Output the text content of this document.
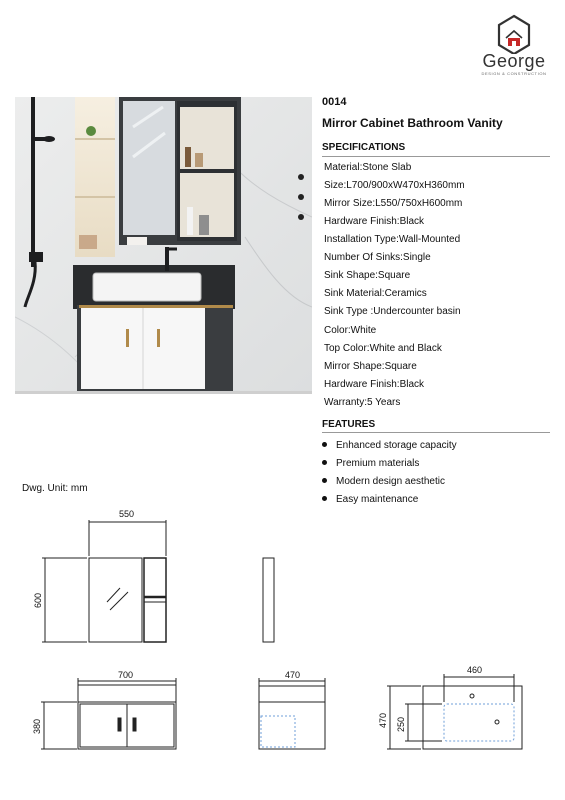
George
DESIGN & CONSTRUCTION
0014
Mirror Cabinet Bathroom Vanity
SPECIFICATIONS
Material:Stone Slab
Size:L700/900xW470xH360mm
Mirror Size:L550/750xH600mm
Hardware Finish:Black
Installation Type:Wall-Mounted
Number Of Sinks:Single
Sink Shape:Square
Sink Material:Ceramics
Sink Type :Undercounter basin
Color:White
Top Color:White and Black
Mirror Shape:Square
Hardware Finish:Black
Warranty:5 Years
FEATURES
Enhanced storage capacity
Premium materials
Modern design aesthetic
Easy maintenance
Dwg. Unit: mm
550
600
700
380
470	460
470 250
